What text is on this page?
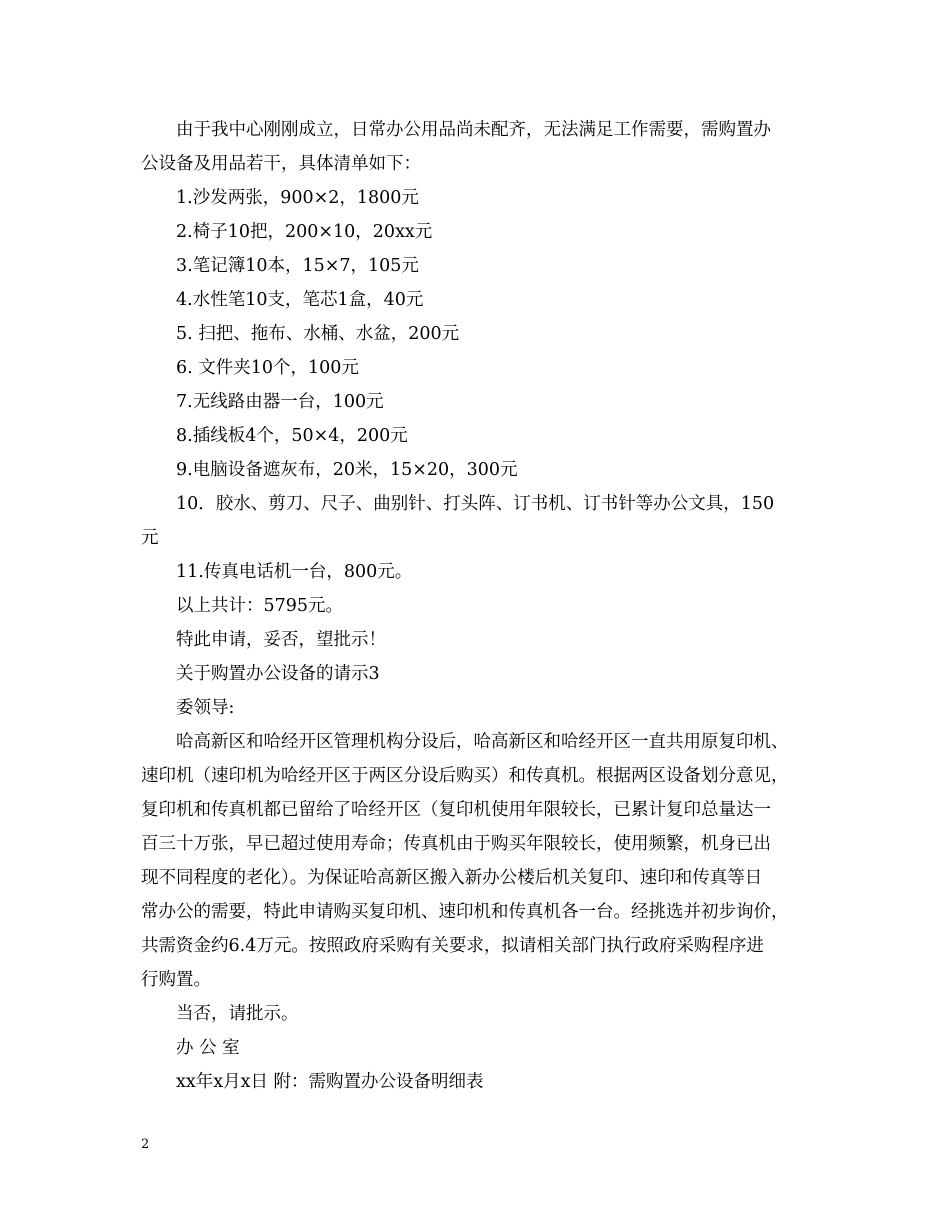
由于我中心刚刚成立，日常办公用品尚未配齐，无法满足工作需要，需购置办
公设备及用品若干，具体清单如下：
1.沙发两张，900×2，1800元
2.椅子10把，200×10，20xx元
3.笔记簿10本，15×7，105元
4.水性笔10支，笔芯1盒，40元
5. 扫把、拖布、水桶、水盆，200元
6. 文件夹10个，100元
7.无线路由器一台，100元
8.插线板4个，50×4，200元
9.电脑设备遮灰布，20米，15×20，300元
10．胶水、剪刀、尺子、曲别针、打头阵、订书机、订书针等办公文具，150
元
11.传真电话机一台，800元。
以上共计：5795元。
特此申请，妥否，望批示！
关于购置办公设备的请示3
委领导:
哈高新区和哈经开区管理机构分设后，哈高新区和哈经开区一直共用原复印机、
速印机（速印机为哈经开区于两区分设后购买）和传真机。根据两区设备划分意见，
复印机和传真机都已留给了哈经开区（复印机使用年限较长，已累计复印总量达一
百三十万张，早已超过使用寿命；传真机由于购买年限较长，使用频繁，机身已出
现不同程度的老化）。为保证哈高新区搬入新办公楼后机关复印、速印和传真等日
常办公的需要，特此申请购买复印机、速印机和传真机各一台。经挑选并初步询价，
共需资金约6.4万元。按照政府采购有关要求，拟请相关部门执行政府采购程序进
行购置。
当否，请批示。
办 公 室
xx年x月x日 附：需购置办公设备明细表
2
